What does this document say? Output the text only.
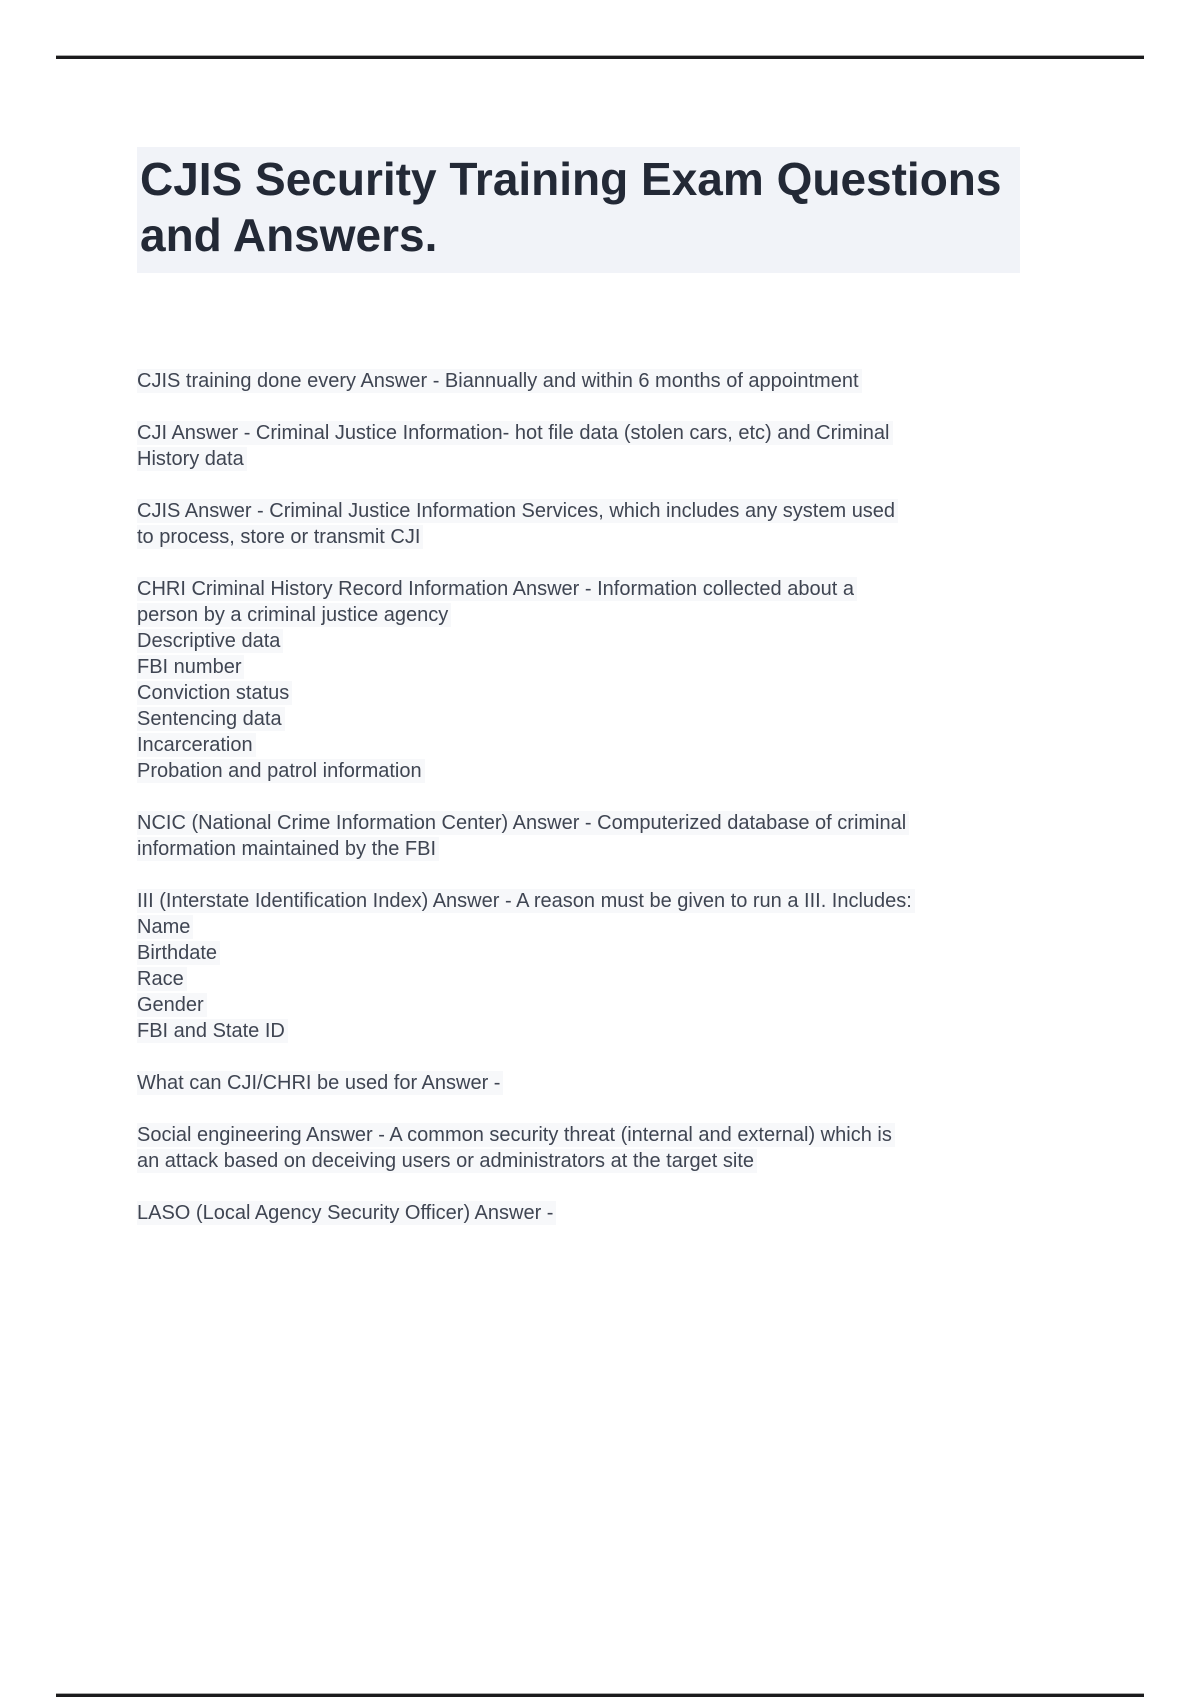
CJIS Security Training Exam Questions
and Answers.
CJIS training done every Answer - Biannually and within 6 months of appointment
CJI Answer - Criminal Justice Information- hot file data (stolen cars, etc) and Criminal
History data
CJIS Answer - Criminal Justice Information Services, which includes any system used
to process, store or transmit CJI
CHRI Criminal History Record Information Answer - Information collected about a
person by a criminal justice agency
Descriptive data
FBI number
Conviction status
Sentencing data
Incarceration
Probation and patrol information
NCIC (National Crime Information Center) Answer - Computerized database of criminal
information maintained by the FBI
III (Interstate Identification Index) Answer - A reason must be given to run a III. Includes:
Name
Birthdate
Race
Gender
FBI and State ID
What can CJI/CHRI be used for Answer -
Social engineering Answer - A common security threat (internal and external) which is
an attack based on deceiving users or administrators at the target site
LASO (Local Agency Security Officer) Answer -
